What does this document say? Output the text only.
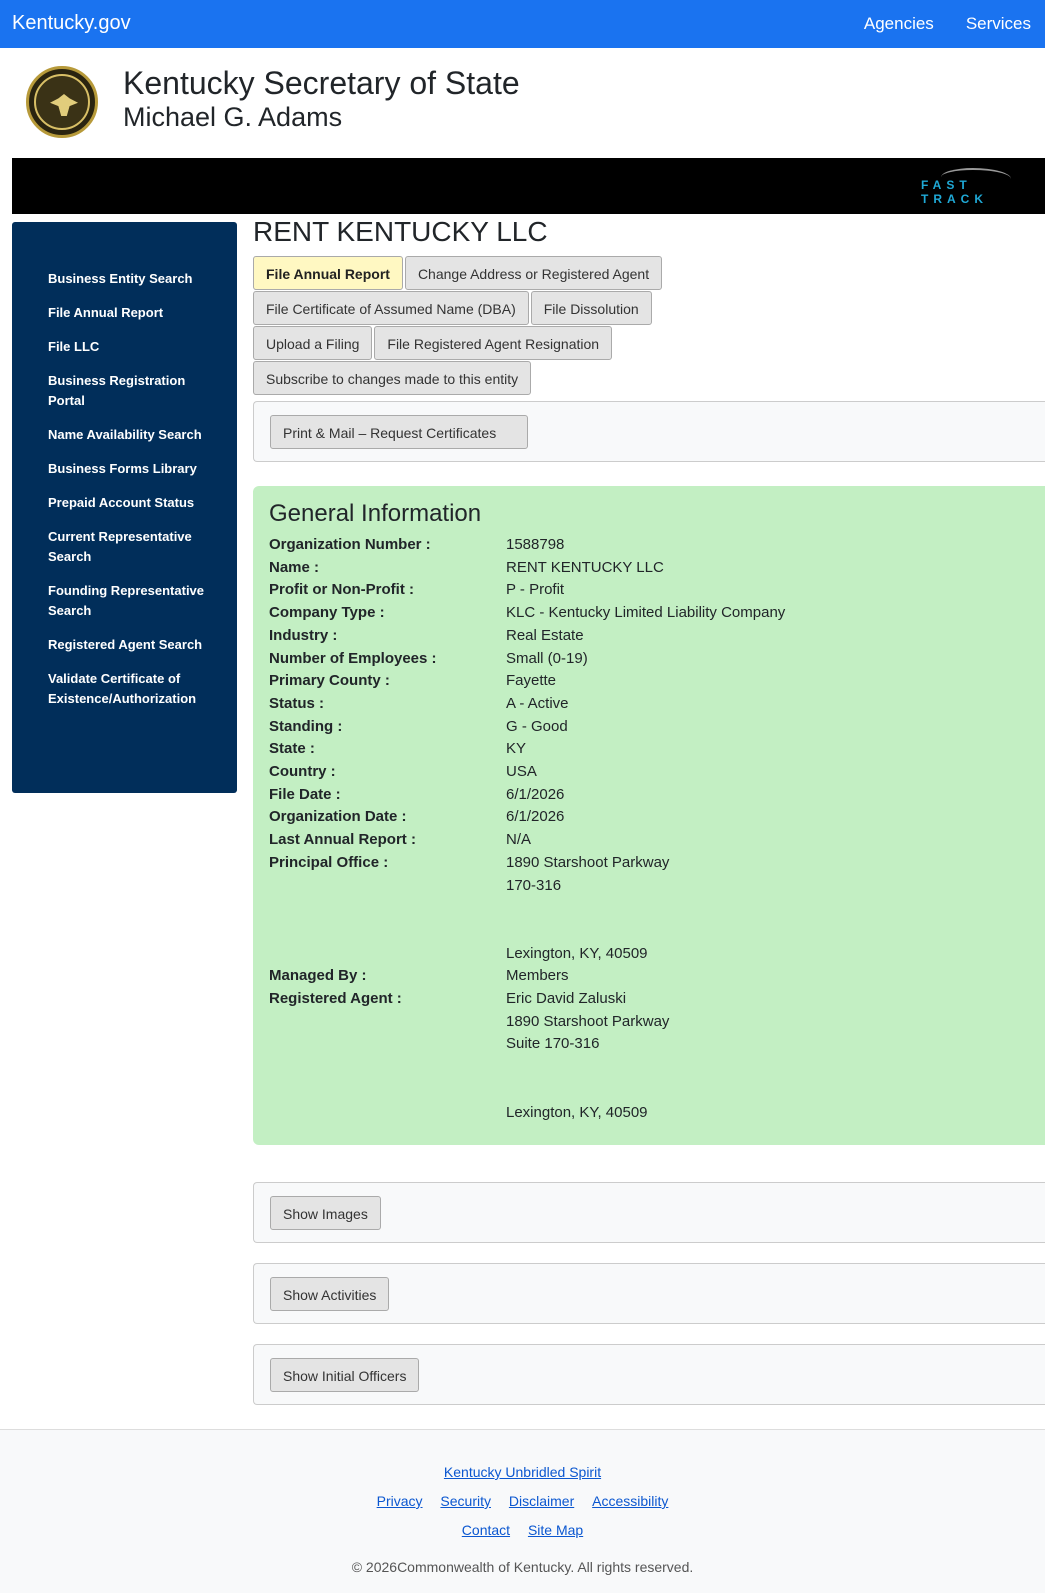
Kentucky.gov	Agencies Services
Kentucky Secretary of State
Michael G. Adams
FAST TRACK
Business Entity Search
File Annual Report
File LLC
Business Registration Portal
Name Availability Search
Business Forms Library
Prepaid Account Status
Current Representative Search
Founding Representative Search
Registered Agent Search
Validate Certificate of Existence/Authorization
RENT KENTUCKY LLC
File Annual Report Change Address or Registered Agent
File Certificate of Assumed Name (DBA) File Dissolution
Upload a Filing File Registered Agent Resignation
Subscribe to changes made to this entity
Print & Mail – Request Certificates
General Information
Organization Number :	1588798
Name :	RENT KENTUCKY LLC
Profit or Non-Profit :	P - Profit
Company Type :	KLC - Kentucky Limited Liability Company
Industry :	Real Estate
Number of Employees :	Small (0-19)
Primary County :	Fayette
Status :	A - Active
Standing :	G - Good
State :	KY
Country :	USA
File Date :	6/1/2026
Organization Date :	6/1/2026
Last Annual Report :	N/A
Principal Office :	1890 Starshoot Parkway
170-316

Lexington, KY, 40509
Managed By :	Members
Registered Agent :	Eric David Zaluski
1890 Starshoot Parkway
Suite 170-316

Lexington, KY, 40509
Show Images
Show Activities
Show Initial Officers
Kentucky Unbridled Spirit
Privacy Security Disclaimer Accessibility
Contact Site Map
© 2026Commonwealth of Kentucky. All rights reserved.
